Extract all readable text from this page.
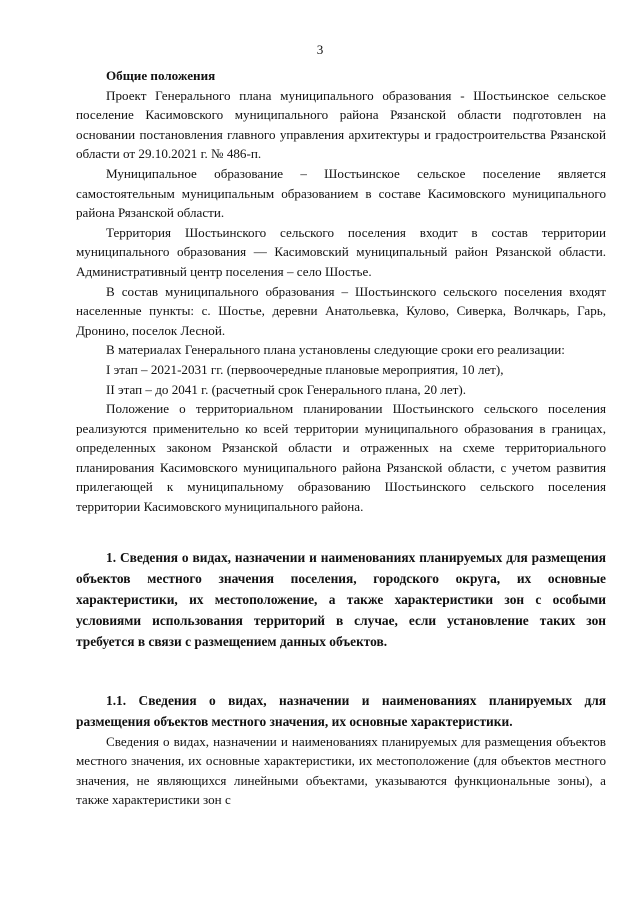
3
Общие положения

Проект Генерального плана муниципального образования - Шостьинское сельское поселение Касимовского муниципального района Рязанской области подготовлен на основании постановления главного управления архитектуры и градостроительства Рязанской области от 29.10.2021 г. № 486-п.

Муниципальное образование – Шостьинское сельское поселение является самостоятельным муниципальным образованием в составе Касимовского муниципального района Рязанской области.

Территория Шостьинского сельского поселения входит в состав территории муниципального образования — Касимовский муниципальный район Рязанской области. Административный центр поселения – село Шостье.

В состав муниципального образования – Шостьинского сельского поселения входят населенные пункты: с. Шостье, деревни Анатольевка, Кулово, Сиверка, Волчкарь, Гарь, Дронино, поселок Лесной.

В материалах Генерального плана установлены следующие сроки его реализации:

I этап – 2021-2031 гг. (первоочередные плановые мероприятия, 10 лет),

II этап – до 2041 г. (расчетный срок Генерального плана, 20 лет).

Положение о территориальном планировании Шостьинского сельского поселения реализуются применительно ко всей территории муниципального образования в границах, определенных законом Рязанской области и отраженных на схеме территориального планирования Касимовского муниципального района Рязанской области, с учетом развития прилегающей к муниципальному образованию Шостьинского сельского поселения территории Касимовского муниципального района.

1. Сведения о видах, назначении и наименованиях планируемых для размещения объектов местного значения поселения, городского округа, их основные характеристики, их местоположение, а также характеристики зон с особыми условиями использования территорий в случае, если установление таких зон требуется в связи с размещением данных объектов.
1.1. Сведения о видах, назначении и наименованиях планируемых для размещения объектов местного значения, их основные характеристики.

Сведения о видах, назначении и наименованиях планируемых для размещения объектов местного значения, их основные характеристики, их местоположение (для объектов местного значения, не являющихся линейными объектами, указываются функциональные зоны), а также характеристики зон с
